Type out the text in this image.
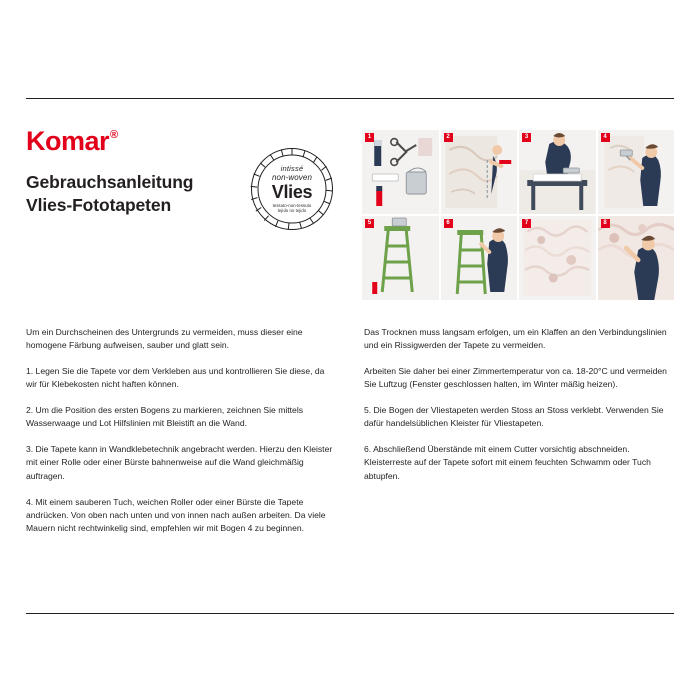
Komar®
Gebrauchsanleitung
Vlies-Fototapeten
intissé
non-woven
Vlies
tessuto-non-tessuto
tejido no tejido
1	2	3	4
5	6	7	8

Um ein Durchscheinen des Untergrunds zu vermeiden, muss dieser eine homogene Färbung aufweisen, sauber und glatt sein.

1. Legen Sie die Tapete vor dem Verkleben aus und kontrollieren Sie diese, da wir für Klebekosten nicht haften können.

2. Um die Position des ersten Bogens zu markieren, zeichnen Sie mittels Wasserwaage und Lot Hilfslinien mit Bleistift an die Wand.

3. Die Tapete kann in Wandklebetechnik angebracht werden. Hierzu den Kleister mit einer Rolle oder einer Bürste bahnenweise auf die Wand gleichmäßig auftragen.

4. Mit einem sauberen Tuch, weichen Roller oder einer Bürste die Tapete andrücken. Von oben nach unten und von innen nach außen arbeiten. Da viele Mauern nicht rechtwinkelig sind, empfehlen wir mit Bogen 4 zu beginnen.

Das Trocknen muss langsam erfolgen, um ein Klaffen an den Verbindungslinien und ein Rissigwerden der Tapete zu vermeiden.

Arbeiten Sie daher bei einer Zimmertemperatur von ca. 18-20°C und vermeiden Sie Luftzug (Fenster geschlossen halten, im Winter mäßig heizen).

5. Die Bogen der Vliestapeten werden Stoss an Stoss verklebt. Verwenden Sie dafür handelsüblichen Kleister für Vliestapeten.

6. Abschließend Überstände mit einem Cutter vorsichtig abschneiden. Kleisterreste auf der Tapete sofort mit einem feuchten Schwamm oder Tuch abtupfen.
